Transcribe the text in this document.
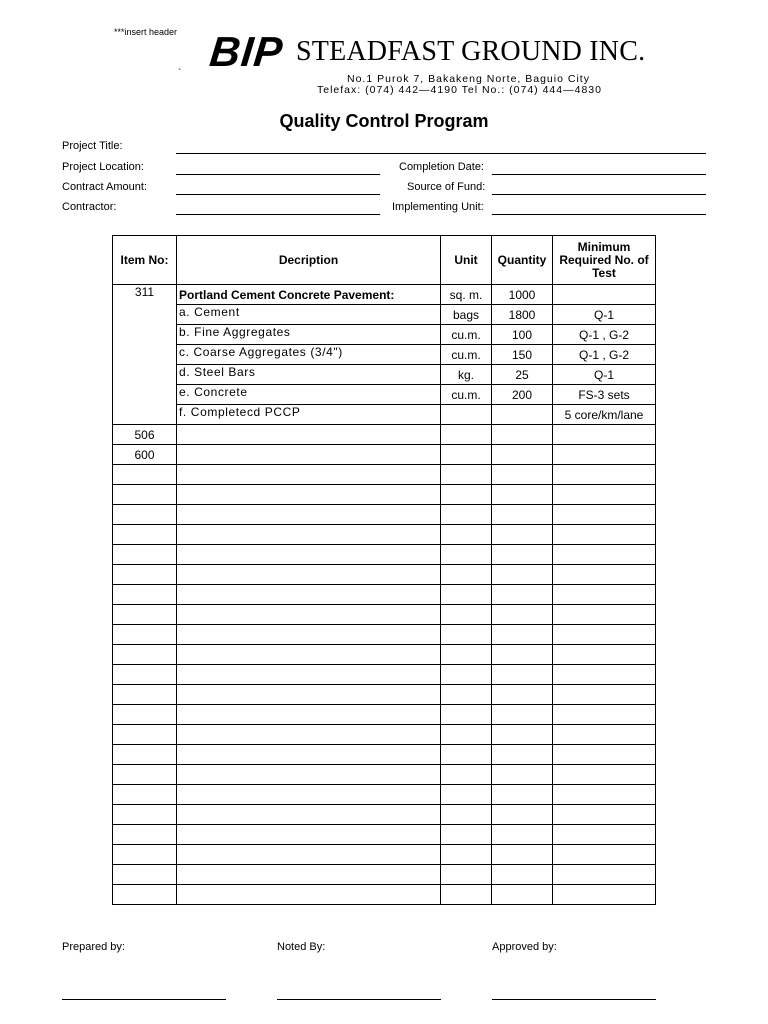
***insert header
` BIP STEADFAST GROUND INC.
No.1 Purok 7, Bakakeng Norte, Baguio City
Telefax: (074) 442—4190 Tel No.: (074) 444—4830
Quality Control Program
Project Title:
Project Location:	Completion Date:
Contract Amount:	Source of Fund:
Contractor:	Implementing Unit:
Item No:	Decription	Unit	Quantity	Minimum Required No. of Test
311	Portland Cement Concrete Pavement:	sq. m.	1000	
	a. Cement	bags	1800	Q-1
	b. Fine Aggregates	cu.m.	100	Q-1 , G-2
	c. Coarse Aggregates (3/4")	cu.m.	150	Q-1 , G-2
	d. Steel Bars	kg.	25	Q-1
	e. Concrete	cu.m.	200	FS-3 sets
	f. Completecd PCCP			5 core/km/lane
506				
600				

Prepared by:	Noted By:	Approved by:
